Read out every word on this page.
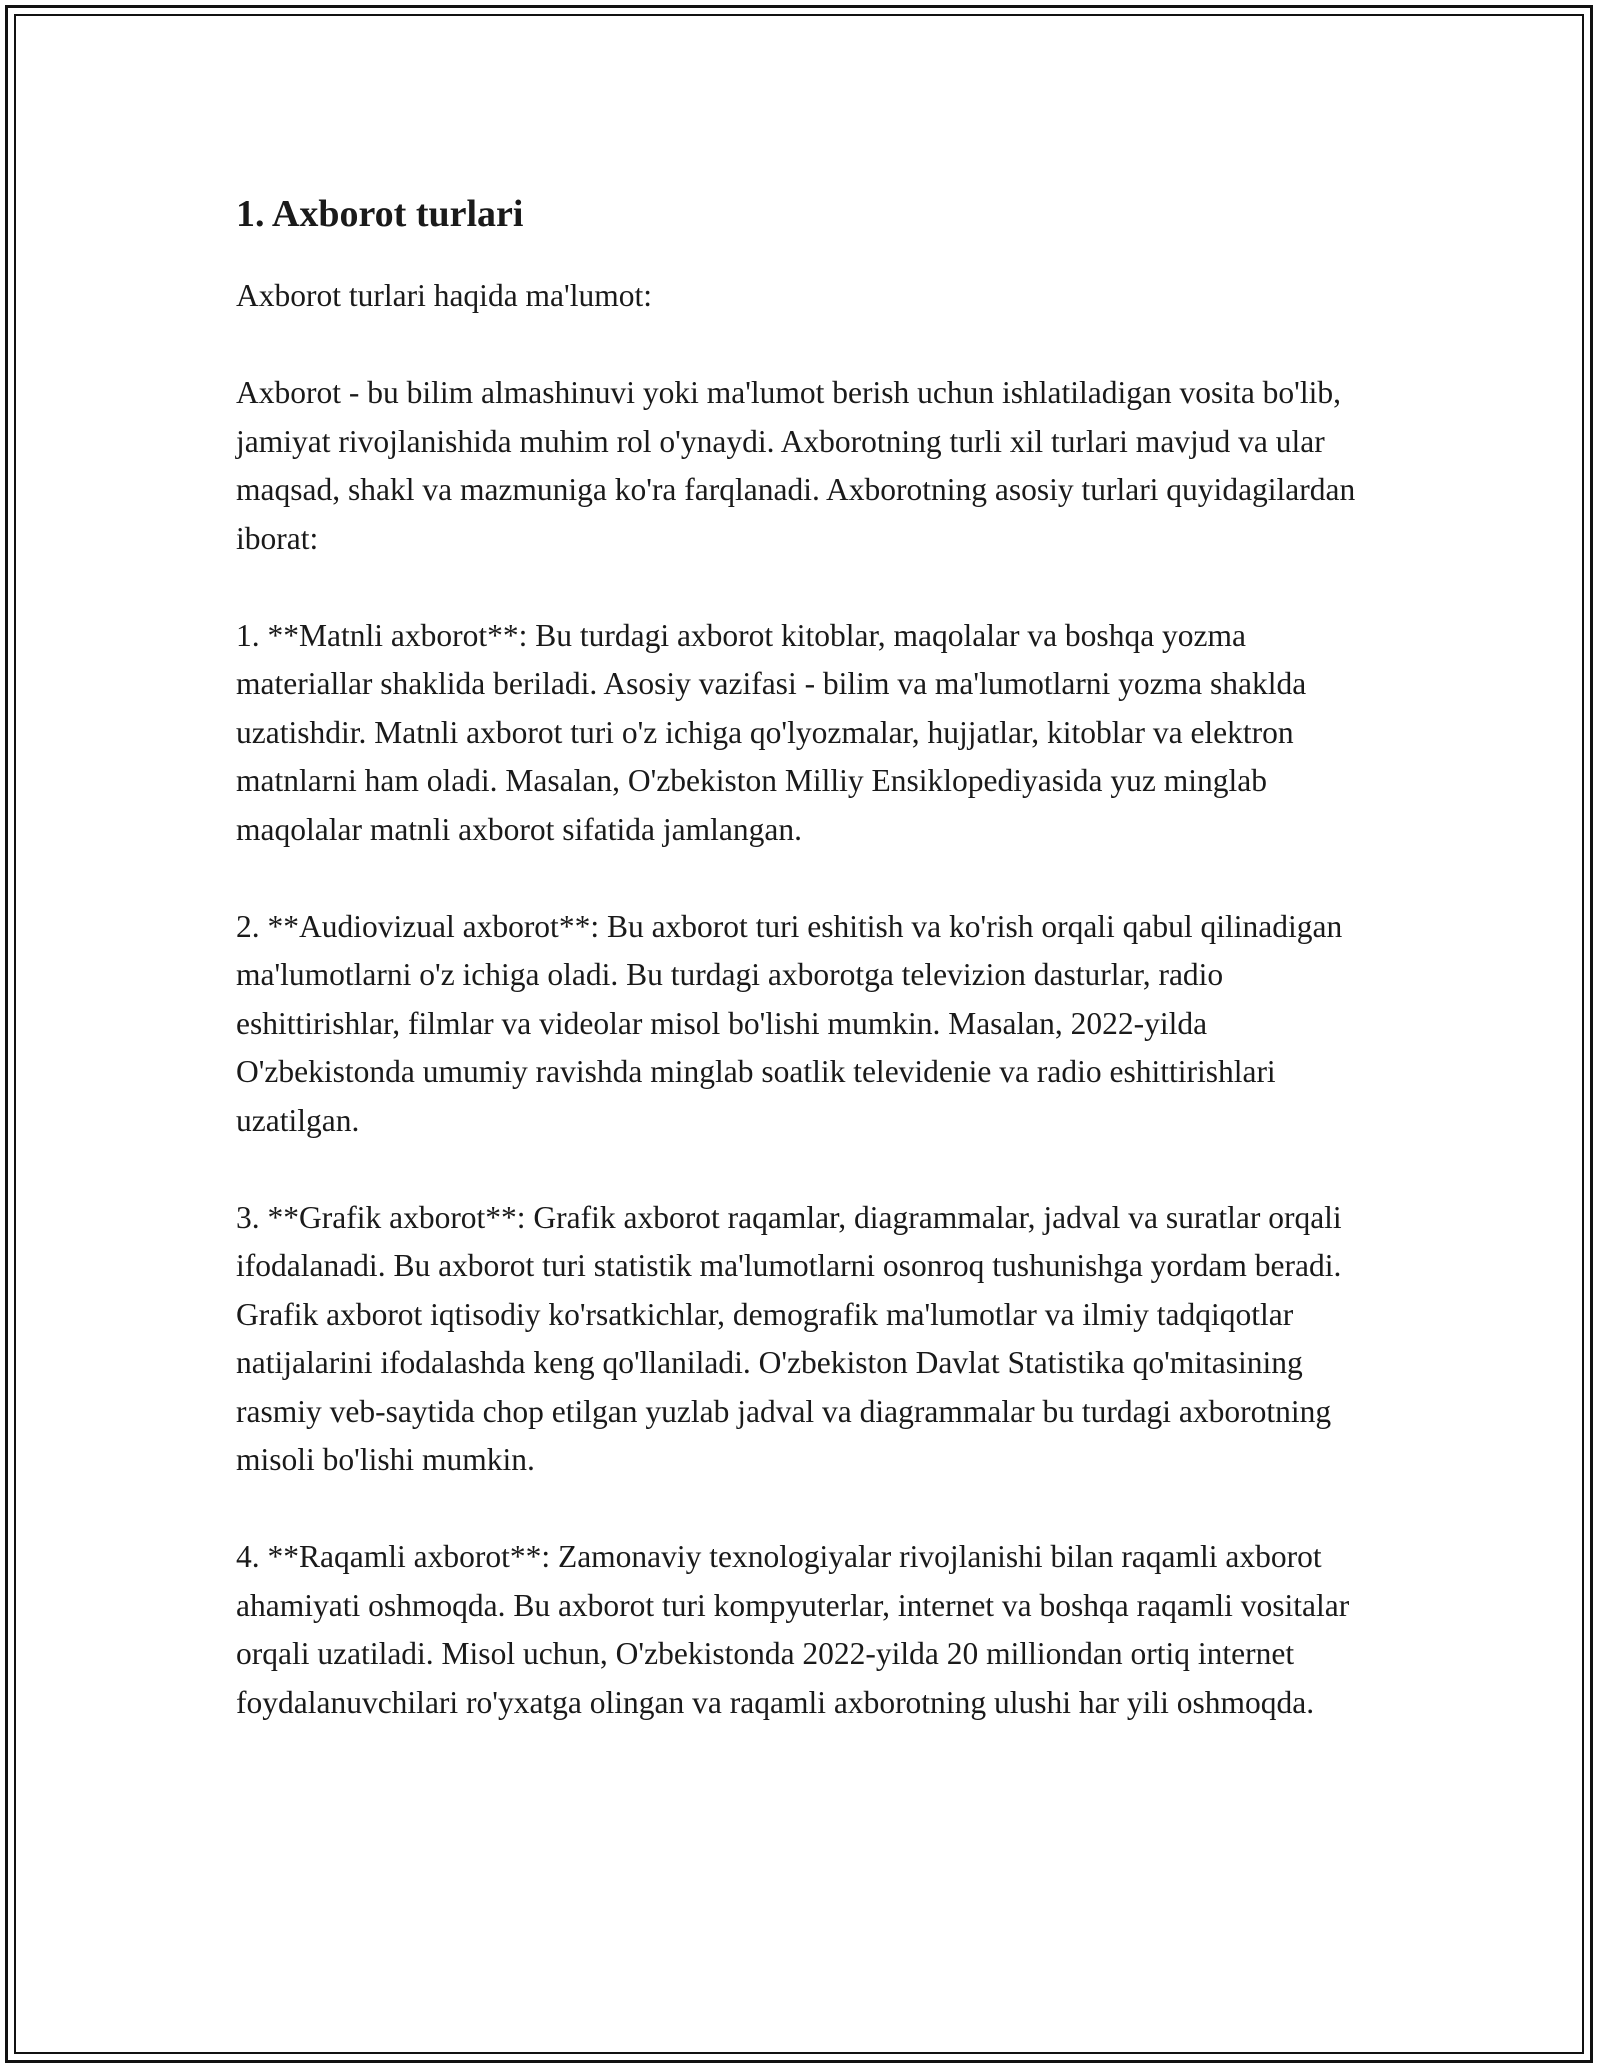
1. Axborot turlari

Axborot turlari haqida ma'lumot:

Axborot - bu bilim almashinuvi yoki ma'lumot berish uchun ishlatiladigan vosita bo'lib, jamiyat rivojlanishida muhim rol o'ynaydi. Axborotning turli xil turlari mavjud va ular maqsad, shakl va mazmuniga ko'ra farqlanadi. Axborotning asosiy turlari quyidagilardan iborat:

1. **Matnli axborot**: Bu turdagi axborot kitoblar, maqolalar va boshqa yozma materiallar shaklida beriladi. Asosiy vazifasi - bilim va ma'lumotlarni yozma shaklda uzatishdir. Matnli axborot turi o'z ichiga qo'lyozmalar, hujjatlar, kitoblar va elektron matnlarni ham oladi. Masalan, O'zbekiston Milliy Ensiklopediyasida yuz minglab maqolalar matnli axborot sifatida jamlangan.

2. **Audiovizual axborot**: Bu axborot turi eshitish va ko'rish orqali qabul qilinadigan ma'lumotlarni o'z ichiga oladi. Bu turdagi axborotga televizion dasturlar, radio eshittirishlar, filmlar va videolar misol bo'lishi mumkin. Masalan, 2022-yilda O'zbekistonda umumiy ravishda minglab soatlik televidenie va radio eshittirishlari uzatilgan.

3. **Grafik axborot**: Grafik axborot raqamlar, diagrammalar, jadval va suratlar orqali ifodalanadi. Bu axborot turi statistik ma'lumotlarni osonroq tushunishga yordam beradi. Grafik axborot iqtisodiy ko'rsatkichlar, demografik ma'lumotlar va ilmiy tadqiqotlar natijalarini ifodalashda keng qo'llaniladi. O'zbekiston Davlat Statistika qo'mitasining rasmiy veb-saytida chop etilgan yuzlab jadval va diagrammalar bu turdagi axborotning misoli bo'lishi mumkin.

4. **Raqamli axborot**: Zamonaviy texnologiyalar rivojlanishi bilan raqamli axborot ahamiyati oshmoqda. Bu axborot turi kompyuterlar, internet va boshqa raqamli vositalar orqali uzatiladi. Misol uchun, O'zbekistonda 2022-yilda 20 milliondan ortiq internet foydalanuvchilari ro'yxatga olingan va raqamli axborotning ulushi har yili oshmoqda.
